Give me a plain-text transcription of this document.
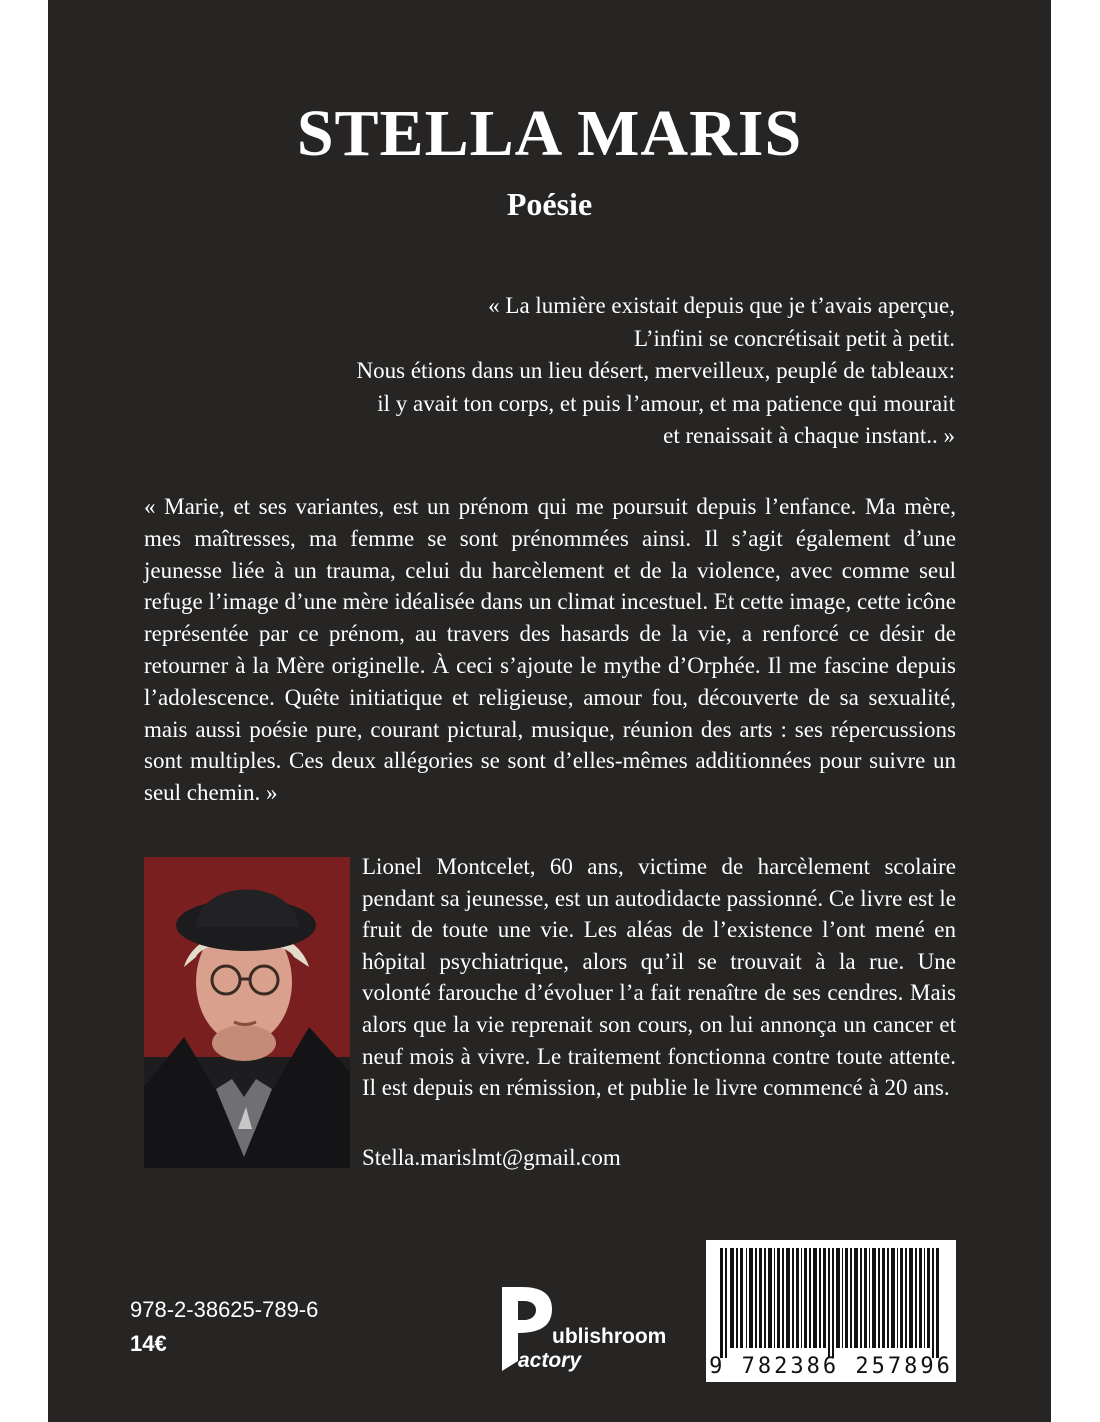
STELLA MARIS
Poésie
« La lumière existait depuis que je t’avais aperçue,
L’infini se concrétisait petit à petit.
Nous étions dans un lieu désert, merveilleux, peuplé de tableaux:
il y avait ton corps, et puis l’amour, et ma patience qui mourait
et renaissait à chaque instant.. »
« Marie, et ses variantes, est un prénom qui me poursuit depuis l’enfance. Ma mère, mes maîtresses, ma femme se sont prénommées ainsi. Il s’agit également d’une jeunesse liée à un trauma, celui du harcèlement et de la violence, avec comme seul refuge l’image d’une mère idéalisée dans un climat incestuel. Et cette image, cette icône représentée par ce prénom, au travers des hasards de la vie, a renforcé ce désir de retourner à la Mère originelle. À ceci s’ajoute le mythe d’Orphée. Il me fascine depuis l’adolescence. Quête initiatique et religieuse, amour fou, découverte de sa sexualité, mais aussi poésie pure, courant pictural, musique, réunion des arts : ses répercussions sont multiples. Ces deux allégories se sont d’elles-mêmes additionnées pour suivre un seul chemin. »
Lionel Montcelet, 60 ans, victime de harcèlement scolaire pendant sa jeunesse, est un autodidacte passionné. Ce livre est le fruit de toute une vie. Les aléas de l’existence l’ont mené en hôpital psychiatrique, alors qu’il se trouvait à la rue. Une volonté farouche d’évoluer l’a fait renaître de ses cendres. Mais alors que la vie reprenait son cours, on lui annonça un cancer et neuf mois à vivre. Le traitement fonctionna contre toute attente. Il est depuis en rémission, et publie le livre commencé à 20 ans.
Stella.marislmt@gmail.com
978-2-38625-789-6
14€	ublishroom
actory	9 782386 257896
